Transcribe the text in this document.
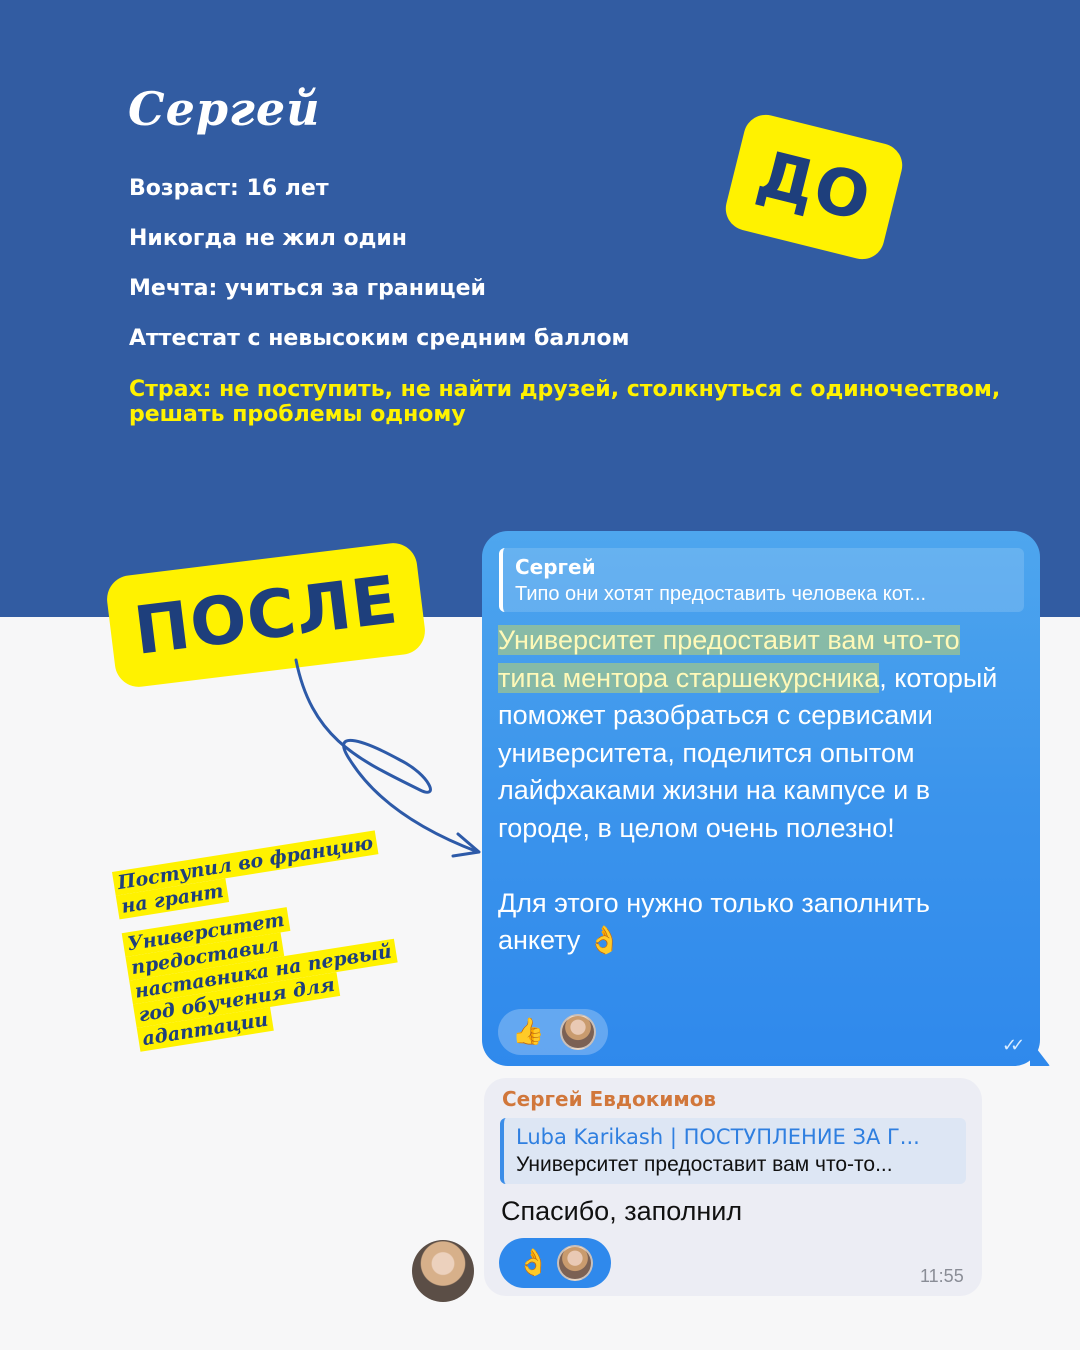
Сергей
Возраст: 16 лет
Никогда не жил один
Мечта: учиться за границей
Аттестат с невысоким средним баллом
Страх: не поступить, не найти друзей, столкнуться с одиночеством, решать проблемы одному
ДО
ПОСЛЕ

Поступил во францию на грант

Университет предоставил наставника на первый год обучения для адаптации

Сергей
Типо они хотят предоставить человека кот...
Университет предоставит вам что-то типа ментора старшекурсника, который поможет разобраться с сервисами университета, поделится опытом лайфхаками жизни на кампусе и в городе, в целом очень полезно!
Для этого нужно только заполнить анкету 👌
👍	✓✓
Сергей Евдокимов
Luba Karikash | ПОСТУПЛЕНИЕ ЗА Г...
Университет предоставит вам что-то...
Спасибо, заполнил
👌	11:55
